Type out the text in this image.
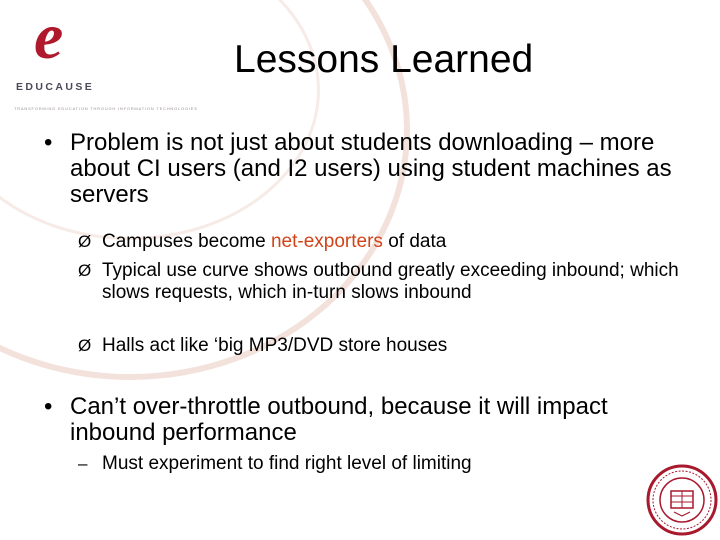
e
EDUCAUSE
TRANSFORMING EDUCATION THROUGH INFORMATION TECHNOLOGIES
Lessons Learned
• Problem is not just about students downloading – more about CI users (and I2 users) using student machines as servers
Ø Campuses become net-exporters of data
Ø Typical use curve shows outbound greatly exceeding inbound; which slows requests, which in-turn slows inbound
Ø Halls act like ‘big MP3/DVD store houses
• Can’t over-throttle outbound, because it will impact inbound performance
– Must experiment to find right level of limiting
